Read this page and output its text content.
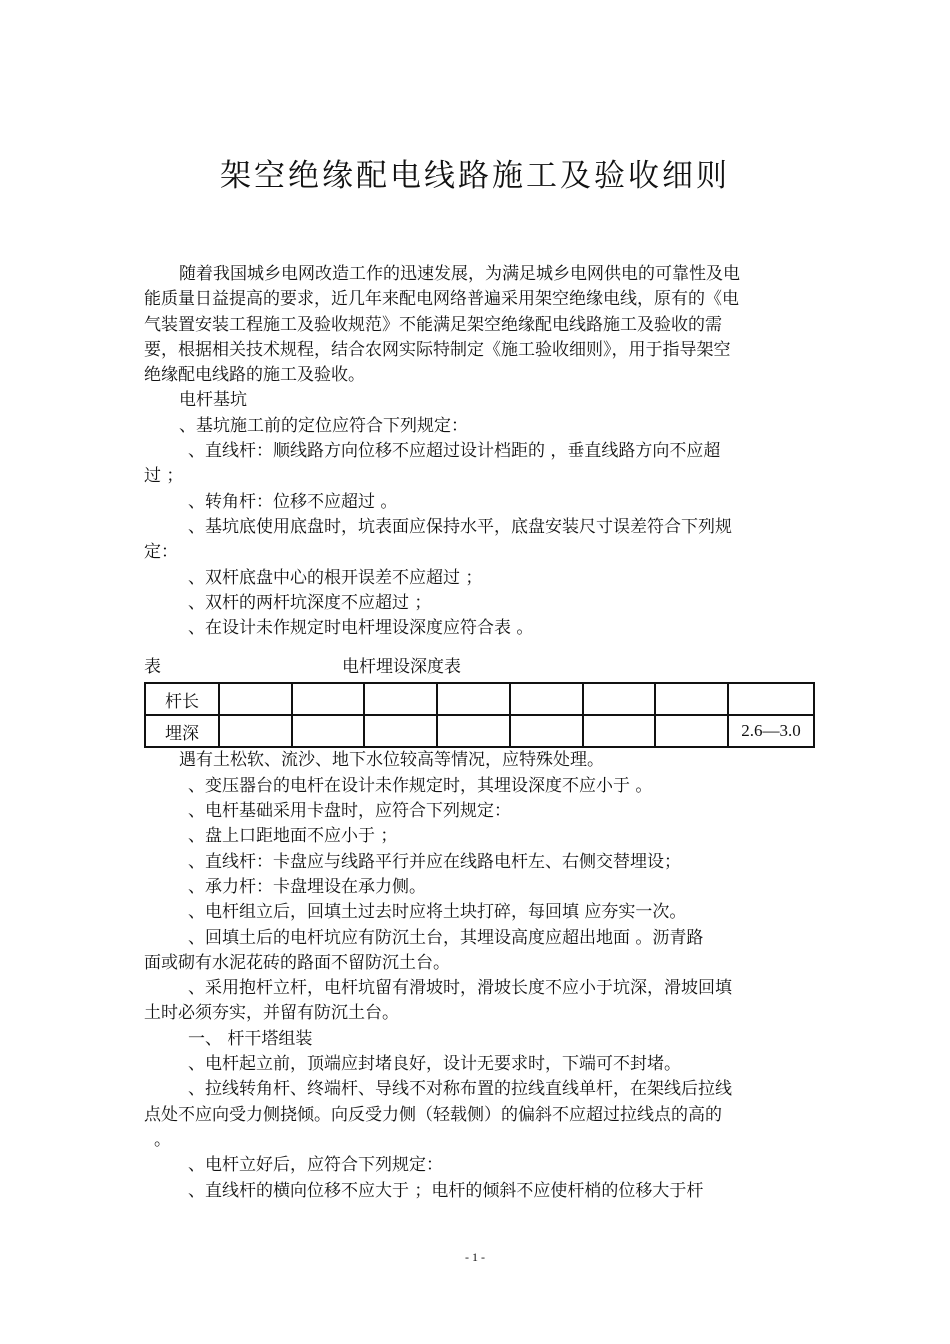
架空绝缘配电线路施工及验收细则
随着我国城乡电网改造工作的迅速发展，为满足城乡电网供电的可靠性及电
能质量日益提高的要求，近几年来配电网络普遍采用架空绝缘电线，原有的《电
气装置安装工程施工及验收规范》不能满足架空绝缘配电线路施工及验收的需
要，根据相关技术规程，结合农网实际特制定《施工验收细则》，用于指导架空
绝缘配电线路的施工及验收。
电杆基坑
、基坑施工前的定位应符合下列规定：
、直线杆：顺线路方向位移不应超过设计档距的 ，垂直线路方向不应超
过 ；
、转角杆：位移不应超过 。
、基坑底使用底盘时，坑表面应保持水平，底盘安装尺寸误差符合下列规
定：
、双杆底盘中心的根开误差不应超过 ；
、双杆的两杆坑深度不应超过 ；
、在设计未作规定时电杆埋设深度应符合表 。
表	电杆埋设深度表
杆长								
埋深								2.6—3.0
遇有土松软、流沙、地下水位较高等情况，应特殊处理。
、变压器台的电杆在设计未作规定时，其埋设深度不应小于 。
、电杆基础采用卡盘时，应符合下列规定：
、盘上口距地面不应小于 ；
、直线杆：卡盘应与线路平行并应在线路电杆左、右侧交替埋设；
、承力杆：卡盘埋设在承力侧。
、电杆组立后，回填土过去时应将土块打碎，每回填 应夯实一次。
、回填土后的电杆坑应有防沉土台，其埋设高度应超出地面 。沥青路
面或砌有水泥花砖的路面不留防沉土台。
、采用抱杆立杆，电杆坑留有滑坡时，滑坡长度不应小于坑深，滑坡回填
土时必须夯实，并留有防沉土台。
一、 杆干塔组装
、电杆起立前，顶端应封堵良好，设计无要求时，下端可不封堵。
、拉线转角杆、终端杆、导线不对称布置的拉线直线单杆，在架线后拉线
点处不应向受力侧挠倾。向反受力侧（轻载侧）的偏斜不应超过拉线点的高的
。
、电杆立好后，应符合下列规定：
、直线杆的横向位移不应大于 ；电杆的倾斜不应使杆梢的位移大于杆
- 1 -
